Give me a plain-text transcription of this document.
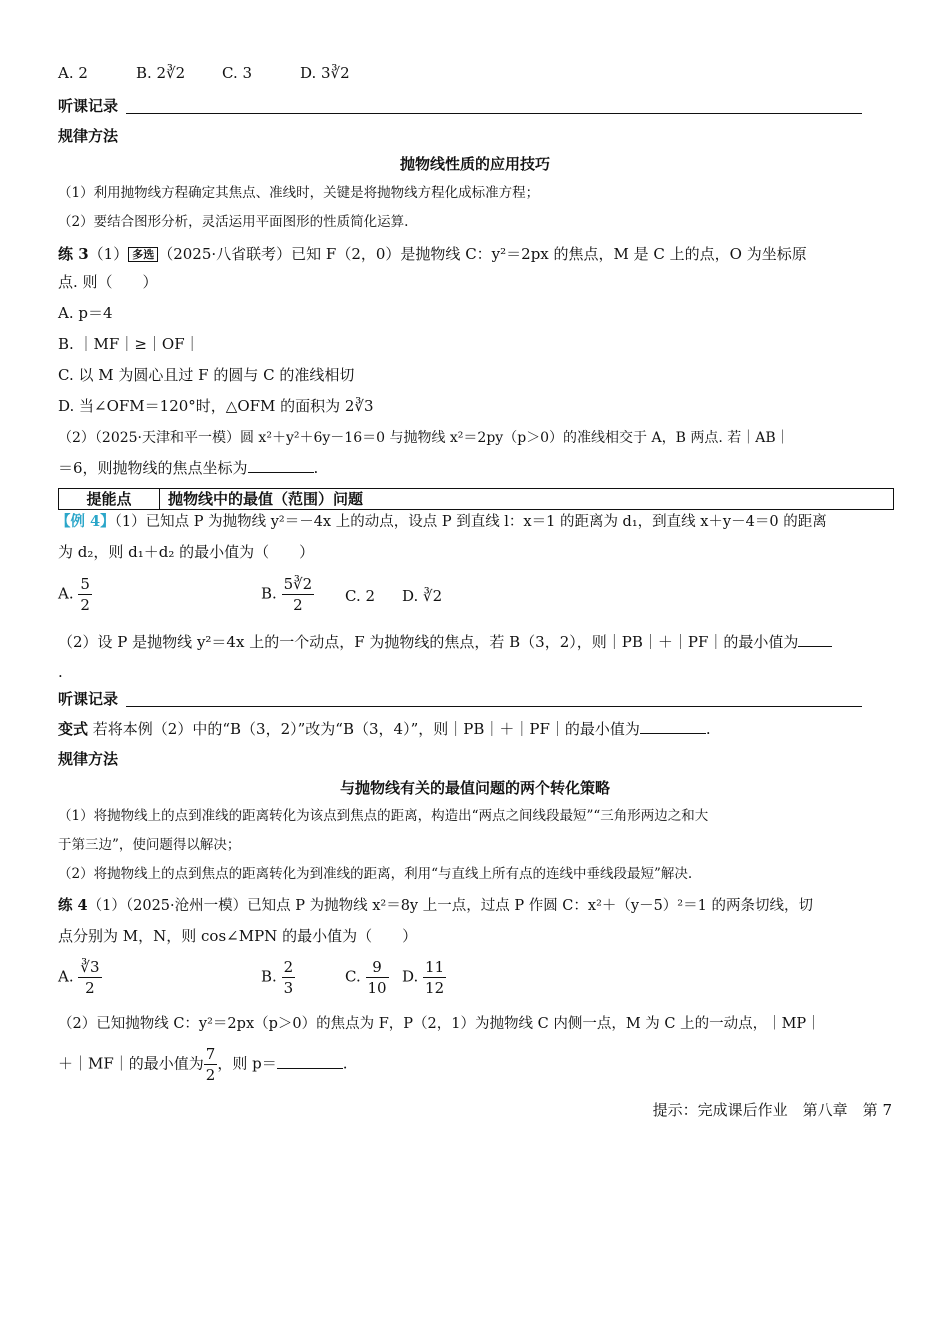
A. 2	B. 2∛2 C. 3	D. 3∛2
听课记录
规律方法
抛物线性质的应用技巧
（1）利用抛物线方程确定其焦点、准线时，关键是将抛物线方程化成标准方程；
（2）要结合图形分析，灵活运用平面图形的性质简化运算.
练 3（1） 多选 （2025·八省联考）已知 F（2，0）是抛物线 C：y²＝2px 的焦点，M 是 C 上的点，O 为坐标原
点. 则（　　）
A. p＝4
B. ｜MF｜≥｜OF｜
C. 以 M 为圆心且过 F 的圆与 C 的准线相切
D. 当∠OFM＝120°时，△OFM 的面积为 2∛3
（2）（2025·天津和平一模）圆 x²＋y²＋6y－16＝0 与抛物线 x²＝2py（p＞0）的准线相交于 A，B 两点. 若｜AB｜
＝6，则抛物线的焦点坐标为	.
提能点	抛物线中的最值（范围）问题
【例 4】（1）已知点 P 为抛物线 y²＝－4x 上的动点，设点 P 到直线 l：x＝1 的距离为 d₁，到直线 x＋y－4＝0 的距离
为 d₂，则 d₁＋d₂ 的最小值为（　　）
A. $\frac{5}{2}$	B. $\frac{5∛2}{2} C$. 2 D. ∛2
（2）设 P 是抛物线 y²＝4x 上的一个动点，F 为抛物线的焦点，若 B（3，2），则｜PB｜＋｜PF｜的最小值为
.
听课记录
变式 若将本例（2）中的“B（3，2）”改为“B（3，4）”，则｜PB｜＋｜PF｜的最小值为	.
规律方法
与抛物线有关的最值问题的两个转化策略
（1）将抛物线上的点到准线的距离转化为该点到焦点的距离，构造出“两点之间线段最短”“三角形两边之和大
于第三边”，使问题得以解决；
（2）将抛物线上的点到焦点的距离转化为到准线的距离，利用“与直线上所有点的连线中垂线段最短”解决.
练 4（1）（2025·沧州一模）已知点 P 为抛物线 x²＝8y 上一点，过点 P 作圆 C：x²＋（y－5）²＝1 的两条切线，切
点分别为 M，N，则 cos∠MPN 的最小值为（　　）
A. $\frac{∛3}{2}$	B. $\frac{2}{3}$	C. $\frac{9}{10} D$. $\frac{11}{12}$
（2）已知抛物线 C：y²＝2px（p＞0）的焦点为 F，P（2，1）为抛物线 C 内侧一点，M 为 C 上的一动点，｜MP｜
＋｜MF｜的最小值为 $\frac{7}{2}$ ，则 p＝	.
提示：完成课后作业　第八章　第 7
